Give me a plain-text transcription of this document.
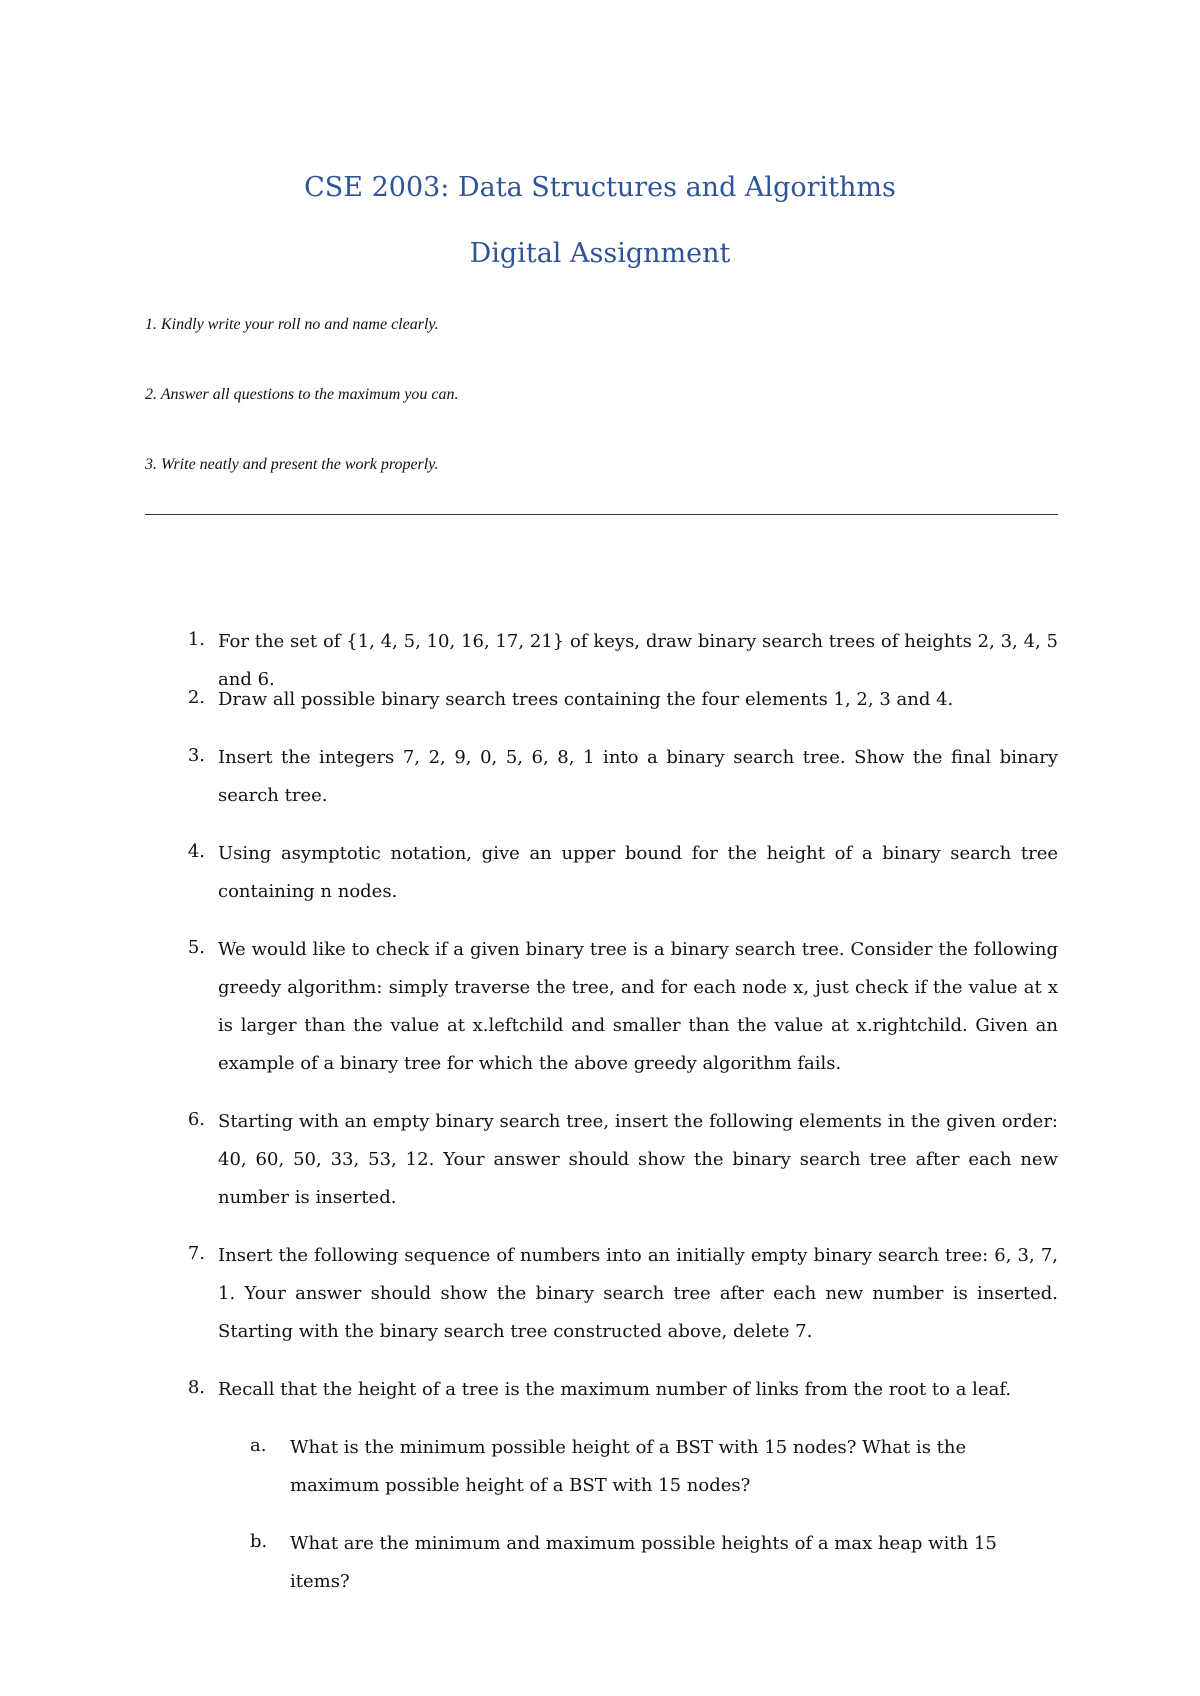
CSE 2003: Data Structures and Algorithms
Digital Assignment

1. Kindly write your roll no and name clearly.

2. Answer all questions to the maximum you can.

3. Write neatly and present the work properly.

1. For the set of {1, 4, 5, 10, 16, 17, 21} of keys, draw binary search trees of heights 2, 3, 4, 5 and 6.

2. Draw all possible binary search trees containing the four elements 1, 2, 3 and 4.

3. Insert the integers 7, 2, 9, 0, 5, 6, 8, 1 into a binary search tree. Show the final binary search tree.

4. Using asymptotic notation, give an upper bound for the height of a binary search tree containing n nodes.

5. We would like to check if a given binary tree is a binary search tree. Consider the following greedy algorithm: simply traverse the tree, and for each node x, just check if the value at x is larger than the value at x.leftchild and smaller than the value at x.rightchild. Given an example of a binary tree for which the above greedy algorithm fails.

6. Starting with an empty binary search tree, insert the following elements in the given order: 40, 60, 50, 33, 53, 12. Your answer should show the binary search tree after each new number is inserted.

7. Insert the following sequence of numbers into an initially empty binary search tree: 6, 3, 7, 1. Your answer should show the binary search tree after each new number is inserted. Starting with the binary search tree constructed above, delete 7.

8. Recall that the height of a tree is the maximum number of links from the root to a leaf.

a. What is the minimum possible height of a BST with 15 nodes? What is the maximum possible height of a BST with 15 nodes?

b. What are the minimum and maximum possible heights of a max heap with 15 items?
